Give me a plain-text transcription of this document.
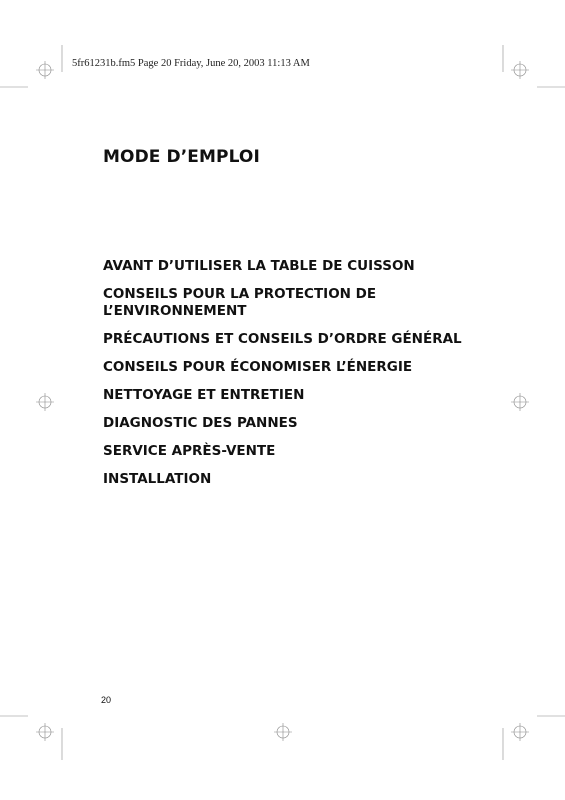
5fr61231b.fm5 Page 20 Friday, June 20, 2003 11:13 AM
MODE D’EMPLOI
AVANT D’UTILISER LA TABLE DE CUISSON
CONSEILS POUR LA PROTECTION DE L’ENVIRONNEMENT
PRÉCAUTIONS ET CONSEILS D’ORDRE GÉNÉRAL
CONSEILS POUR ÉCONOMISER L’ÉNERGIE
NETTOYAGE ET ENTRETIEN
DIAGNOSTIC DES PANNES
SERVICE APRÈS-VENTE
INSTALLATION
20
